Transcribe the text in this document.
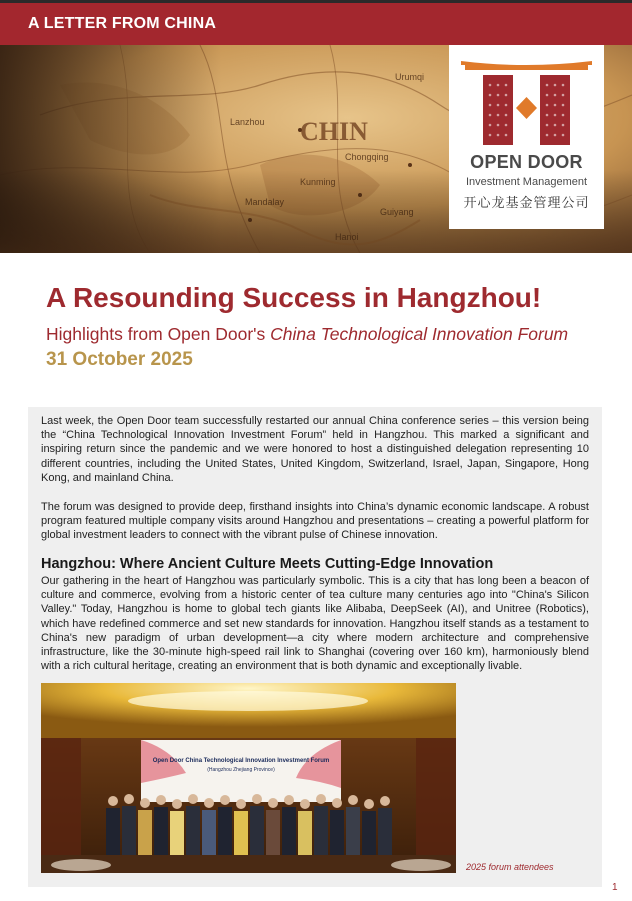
A LETTER FROM CHINA
OPEN DOOR
Investment Management
开心龙基金管理公司
A Resounding Success in Hangzhou!
Highlights from Open Door's China Technological Innovation Forum
31 October 2025

Last week, the Open Door team successfully restarted our annual China conference series – this version being the “China Technological Innovation Investment Forum” held in Hangzhou. This marked a significant and inspiring return since the pandemic and we were honored to host a distinguished delegation representing 10 different countries, including the United States, United Kingdom, Switzerland, Israel, Japan, Singapore, Hong Kong, and mainland China.

The forum was designed to provide deep, firsthand insights into China’s dynamic economic landscape. A robust program featured multiple company visits around Hangzhou and presentations – creating a powerful platform for global investment leaders to connect with the vibrant pulse of Chinese innovation.

Hangzhou: Where Ancient Culture Meets Cutting-Edge Innovation

Our gathering in the heart of Hangzhou was particularly symbolic. This is a city that has long been a beacon of culture and commerce, evolving from a historic center of tea culture many centuries ago into "China's Silicon Valley." Today, Hangzhou is home to global tech giants like Alibaba, DeepSeek (AI), and Unitree (Robotics), which have redefined commerce and set new standards for innovation. Hangzhou itself stands as a testament to China's new paradigm of urban development—a city where modern architecture and comprehensive infrastructure, like the 30-minute high-speed rail link to Shanghai (covering over 160 km), harmoniously blend with a rich cultural heritage, creating an environment that is both dynamic and exceptionally livable.

Open Door China Technological Innovation Investment Forum
(Hangzhou Zhejiang Province)
2025 forum attendees
1
